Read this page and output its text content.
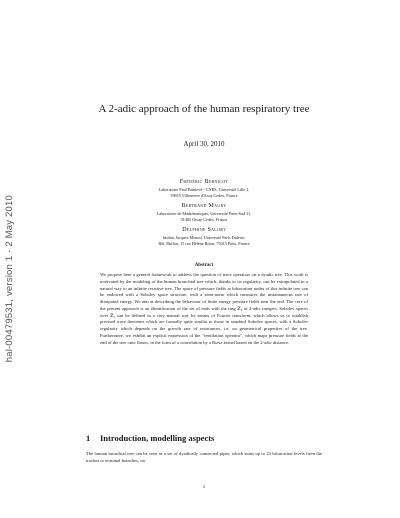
hal-00479531, version 1 - 2 May 2010
A 2-adic approach of the human respiratory tree
April 30, 2010
Frédéric Bernicot
Laboratoire Paul Painlevé - CNRS, Université Lille 1,
59655 Villeneuve d'Ascq Cedex, France
Bertrand Maury
Laboratoire de Mathématiques, Université Paris-Sud 11,
91405 Orsay Cedex, France
Delphine Salort
Institut Jacques Monod, Université Paris Diderot,
Bât. Buffon, 15 rue Hélène Brion, 75013 Paris, France
Abstract

We propose here a general framework to address the question of trace operators on a dyadic tree. This work is motivated by the modeling of the human bronchial tree which, thanks to its regularity, can be extrapolated in a natural way to an infinite resistive tree. The space of pressure fields at bifurcation nodes of this infinite tree can be endowed with a Sobolev space structure, with a semi-norm which measures the instantaneous rate of dissipated energy. We aim at describing the behaviour of finite energy pressure fields near the end. The core of the present approach is an identification of the set of ends with the ring ℤ₂ of 2-adic integers. Sobolev spaces over ℤ₂ can be defined in a very natural way by means of Fourier transform, which allows us to establish precised trace theorems which are formally quite similar to those in standard Sobolev spaces, with a Sobolev regularity which depends on the growth rate of resistances, i.e. on geometrical properties of the tree. Furthermore, we exhibit an explicit expression of the "ventilation operator", which maps pressure fields at the end of the tree onto fluxes, in the form of a convolution by a Riesz kernel based on the 2-adic distance.

1 Introduction, modelling aspects

The human bronchial tree can be seen as a set of dyadically connected pipes, which sums up to 23 bifurcation levels from the trachea to terminal branches, on

1
